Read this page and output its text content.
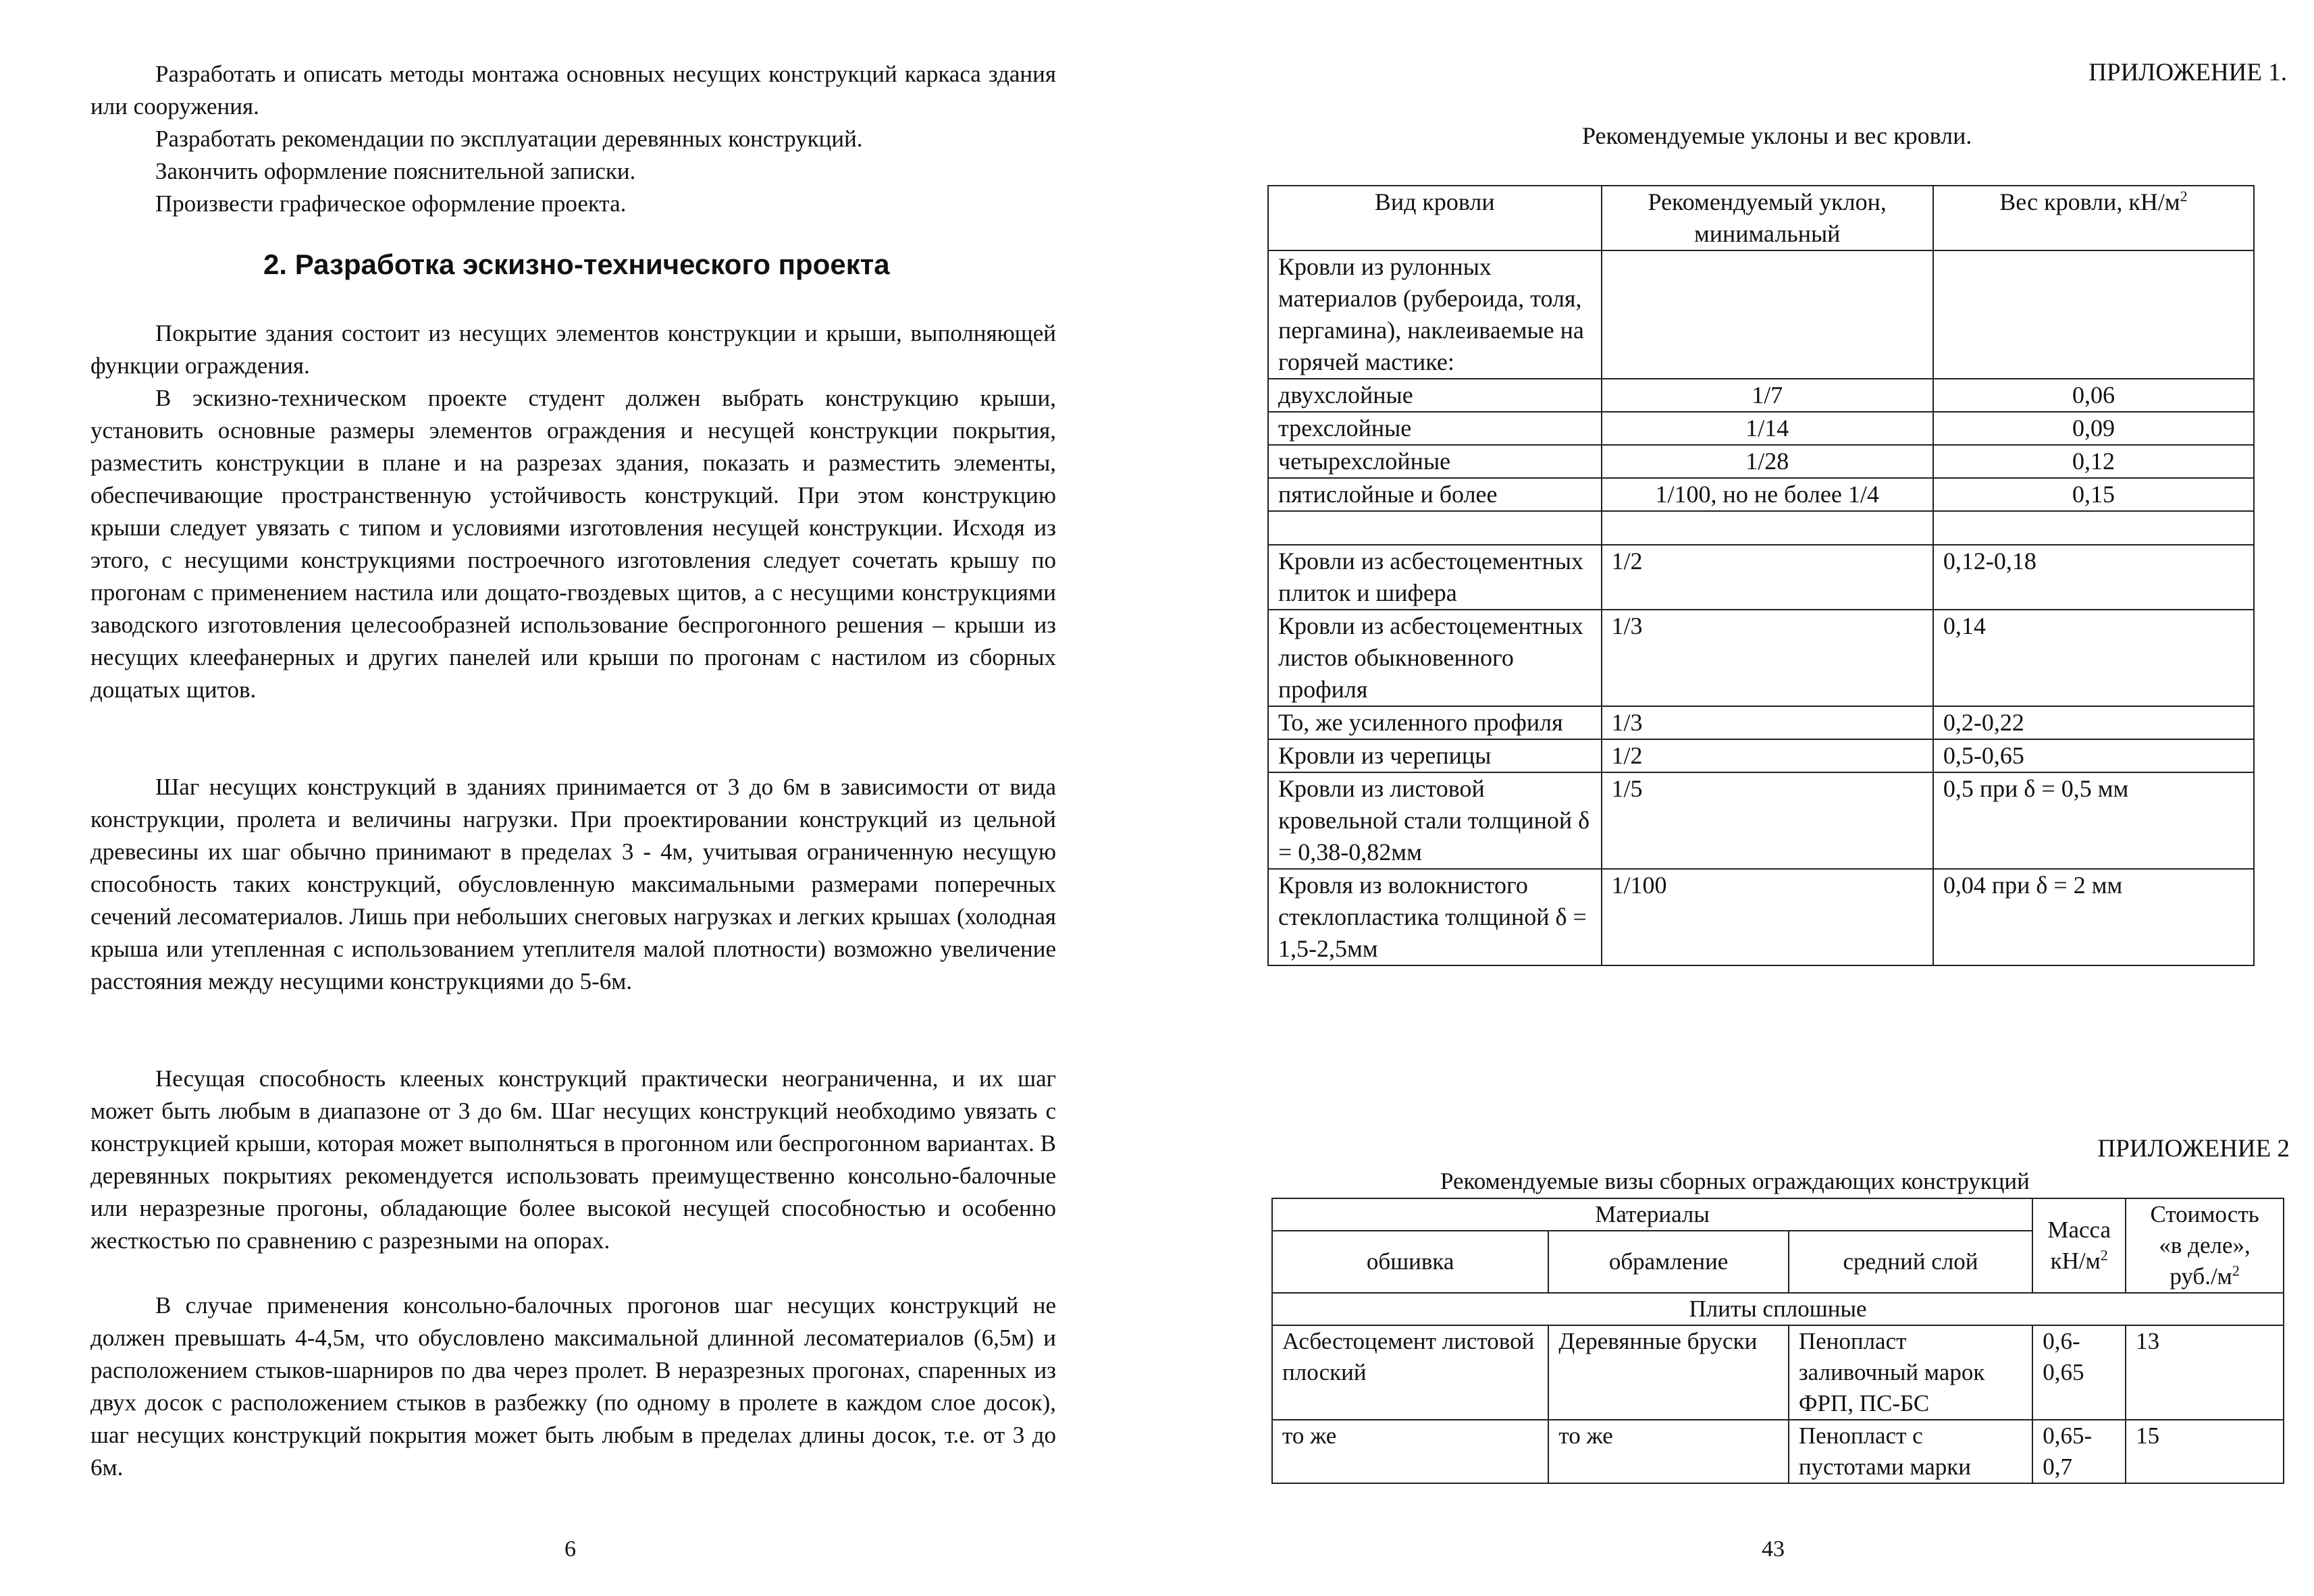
Разработать и описать методы монтажа основных несущих конструкций каркаса здания или сооружения.

Разработать рекомендации по эксплуатации деревянных конструкций.

Закончить оформление пояснительной записки.

Произвести графическое оформление проекта.

2. Разработка эскизно-технического проекта

Покрытие здания состоит из несущих элементов конструкции и крыши, выполняющей функции ограждения.

В эскизно-техническом проекте студент должен выбрать конструкцию крыши, установить основные размеры элементов ограждения и несущей конструкции покрытия, разместить конструкции в плане и на разрезах здания, показать и разместить элементы, обеспечивающие пространственную устойчивость конструкций. При этом конструкцию крыши следует увязать с типом и условиями изготовления несущей конструкции. Исходя из этого, с несущими конструкциями построечного изготовления следует сочетать крышу по прогонам с применением настила или дощато-гвоздевых щитов, а с несущими конструкциями заводского изготовления целесообразней использование беспрогонного решения – крыши из несущих клеефанерных и других панелей или крыши по прогонам с настилом из сборных дощатых щитов.

Шаг несущих конструкций в зданиях принимается от 3 до 6м в зависимости от вида конструкции, пролета и величины нагрузки. При проектировании конструкций из цельной древесины их шаг обычно принимают в пределах 3 - 4м, учитывая ограниченную несущую способность таких конструкций, обусловленную максимальными размерами поперечных сечений лесоматериалов. Лишь при небольших снеговых нагрузках и легких крышах (холодная крыша или утепленная с использованием утеплителя малой плотности) возможно увеличение расстояния между несущими конструкциями до 5-6м.

Несущая способность клееных конструкций практически неограниченна, и их шаг может быть любым в диапазоне от 3 до 6м. Шаг несущих конструкций необходимо увязать с конструкцией крыши, которая может выполняться в прогонном или беспрогонном вариантах. В деревянных покрытиях рекомендуется использовать преимущественно консольно-балочные или неразрезные прогоны, обладающие более высокой несущей способностью и особенно жесткостью по сравнению с разрезными на опорах.

В случае применения консольно-балочных прогонов шаг несущих конструкций не должен превышать 4-4,5м, что обусловлено максимальной длинной лесоматериалов (6,5м) и расположением стыков-шарниров по два через пролет. В неразрезных прогонах, спаренных из двух досок с расположением стыков в разбежку (по одному в пролете в каждом слое досок), шаг несущих конструкций покрытия может быть любым в пределах длины досок, т.е. от 3 до 6м.

6
ПРИЛОЖЕНИЕ 1.
Рекомендуемые уклоны и вес кровли.
Вид кровли	Рекомендуемый уклон, минимальный	Вес кровли, $кН/м^2$
Кровли из рулонных материалов (рубероида, толя, пергамина), наклеиваемые на горячей мастике:		
двухслойные	1/7	0,06
трехслойные	1/14	0,09
четырехслойные	1/28	0,12
пятислойные и более	1/100, но не более 1/4	0,15

Кровли из асбестоцементных плиток и шифера	1/2	0,12-0,18
Кровли из асбестоцементных листов обыкновенного профиля	1/3	0,14
То, же усиленного профиля	1/3	0,2-0,22
Кровли из черепицы	1/2	0,5-0,65
Кровли из листовой кровельной стали толщиной δ = 0,38-0,82мм	1/5	0,5 при δ = 0,5 мм
Кровля из волокнистого стеклопластика толщиной δ = 1,5-2,5мм	1/100	0,04 при δ = 2 мм
ПРИЛОЖЕНИЕ 2
Рекомендуемые визы сборных ограждающих конструкций
Материалы			Масса $кН/м^2$	Стоимость «в деле», $руб./м^2$
обшивка	обрамление	средний слой		
Плиты сплошные				
Асбестоцемент листовой плоский	Деревянные бруски	Пенопласт заливочный марок ФРП, ПС-БС	0,6-0,65	13
то же	то же	Пенопласт с пустотами марки	0,65-0,7	15
43
